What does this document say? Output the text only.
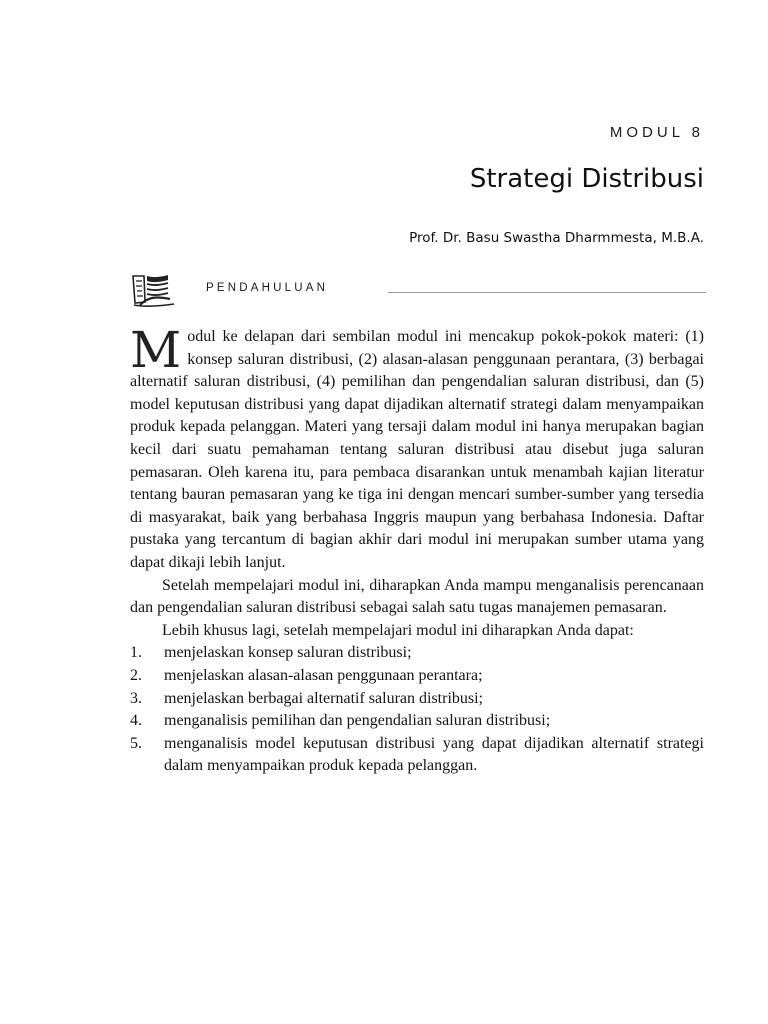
MODUL 8
Strategi Distribusi
Prof. Dr. Basu Swastha Dharmmesta, M.B.A.
PENDAHULUAN

Modul ke delapan dari sembilan modul ini mencakup pokok-pokok materi: (1) konsep saluran distribusi, (2) alasan-alasan penggunaan perantara, (3) berbagai alternatif saluran distribusi, (4) pemilihan dan pengendalian saluran distribusi, dan (5) model keputusan distribusi yang dapat dijadikan alternatif strategi dalam menyampaikan produk kepada pelanggan. Materi yang tersaji dalam modul ini hanya merupakan bagian kecil dari suatu pemahaman tentang saluran distribusi atau disebut juga saluran pemasaran. Oleh karena itu, para pembaca disarankan untuk menambah kajian literatur tentang bauran pemasaran yang ke tiga ini dengan mencari sumber-sumber yang tersedia di masyarakat, baik yang berbahasa Inggris maupun yang berbahasa Indonesia. Daftar pustaka yang tercantum di bagian akhir dari modul ini merupakan sumber utama yang dapat dikaji lebih lanjut.

Setelah mempelajari modul ini, diharapkan Anda mampu menganalisis perencanaan dan pengendalian saluran distribusi sebagai salah satu tugas manajemen pemasaran.

Lebih khusus lagi, setelah mempelajari modul ini diharapkan Anda dapat:

1. menjelaskan konsep saluran distribusi;
2. menjelaskan alasan-alasan penggunaan perantara;
3. menjelaskan berbagai alternatif saluran distribusi;
4. menganalisis pemilihan dan pengendalian saluran distribusi;
5. menganalisis model keputusan distribusi yang dapat dijadikan alternatif strategi dalam menyampaikan produk kepada pelanggan.
